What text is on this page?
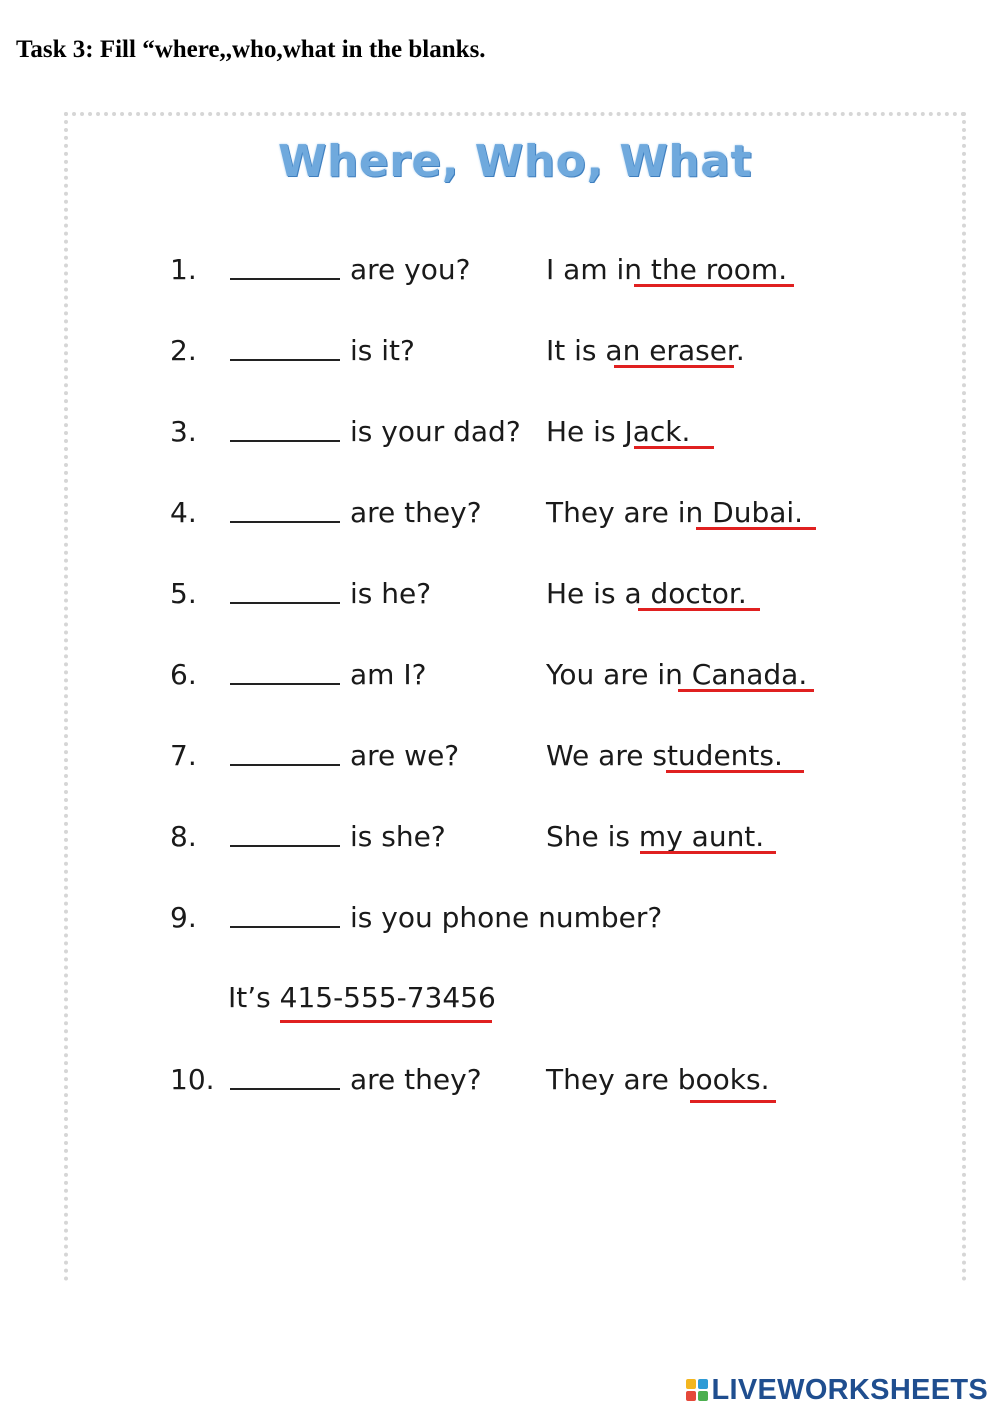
Task 3: Fill “where,,who,what in the blanks.
Where, Who, What
1.	are you?	I am in the room.
2.	is it?	It is an eraser.
3.	is your dad? He is Jack.
4.	are they? They are in Dubai.
5.	is he?	He is a doctor.
6.	am I?	You are in Canada.
7.	are we?	We are students.
8.	is she?	She is my aunt.
9.	is you phone number?
It’s 415-555-73456
10.	are they? They are books.
LIVEWORKSHEETS
